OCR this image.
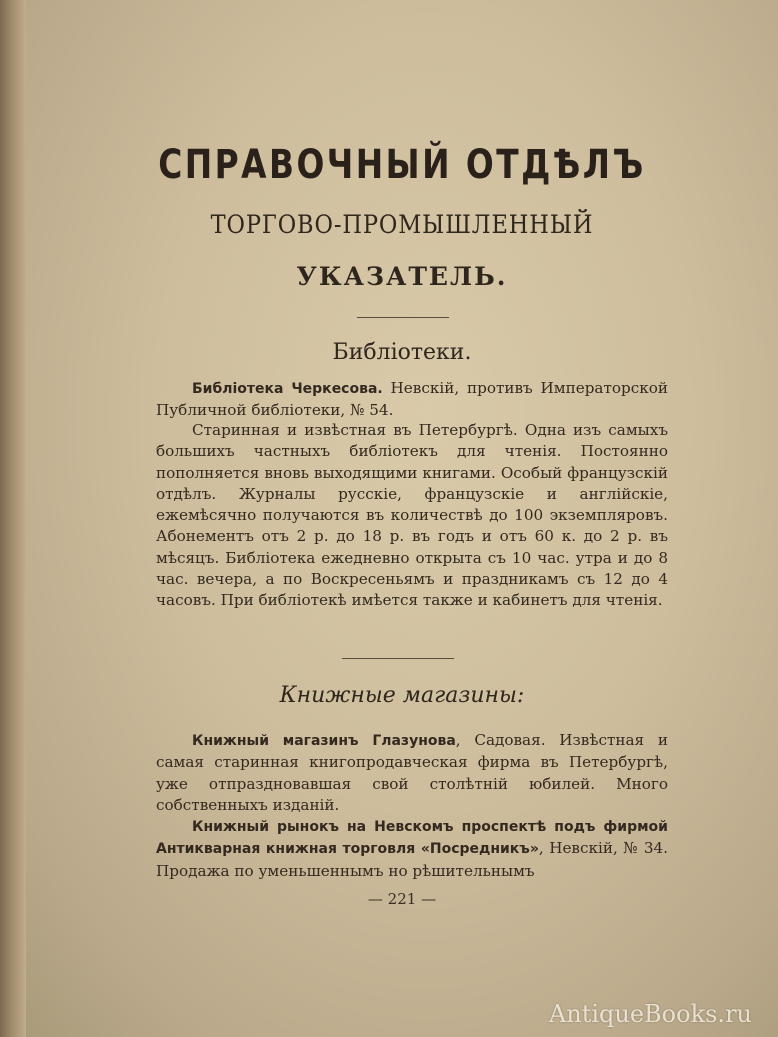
СПРАВОЧНЫЙ ОТДѢЛЪ
ТОРГОВО-ПРОМЫШЛЕННЫЙ
УКАЗАТЕЛЬ.
Библіотеки.
Библіотека Черкесова. Невскій, противъ Императорской Публичной библіотеки, № 54.
Старинная и извѣстная въ Петербургѣ. Одна изъ самыхъ большихъ частныхъ библіотекъ для чтенія. Постоянно пополняется вновь выходящими книгами. Особый французскій отдѣлъ. Журналы русскіе, французскіе и англійскіе, ежемѣсячно получаются въ количествѣ до 100 экземпляровъ. Абонементъ отъ 2 р. до 18 р. въ годъ и отъ 60 к. до 2 р. въ мѣсяцъ. Библіотека ежедневно открыта съ 10 час. утра и до 8 час. вечера, а по Воскресеньямъ и праздникамъ съ 12 до 4 часовъ. При библіотекѣ имѣется также и кабинетъ для чтенія.
Книжные магазины:
Книжный магазинъ Глазунова, Садовая. Извѣстная и самая старинная книгопродавческая фирма въ Петербургѣ, уже отпраздновавшая свой столѣтній юбилей. Много собственныхъ изданій.
Книжный рынокъ на Невскомъ проспектѣ подъ фирмой Антикварная книжная торговля «Посредникъ», Невскій, № 34. Продажа по уменьшеннымъ но рѣшительнымъ
— 221 —
AntiqueBooks.ru
